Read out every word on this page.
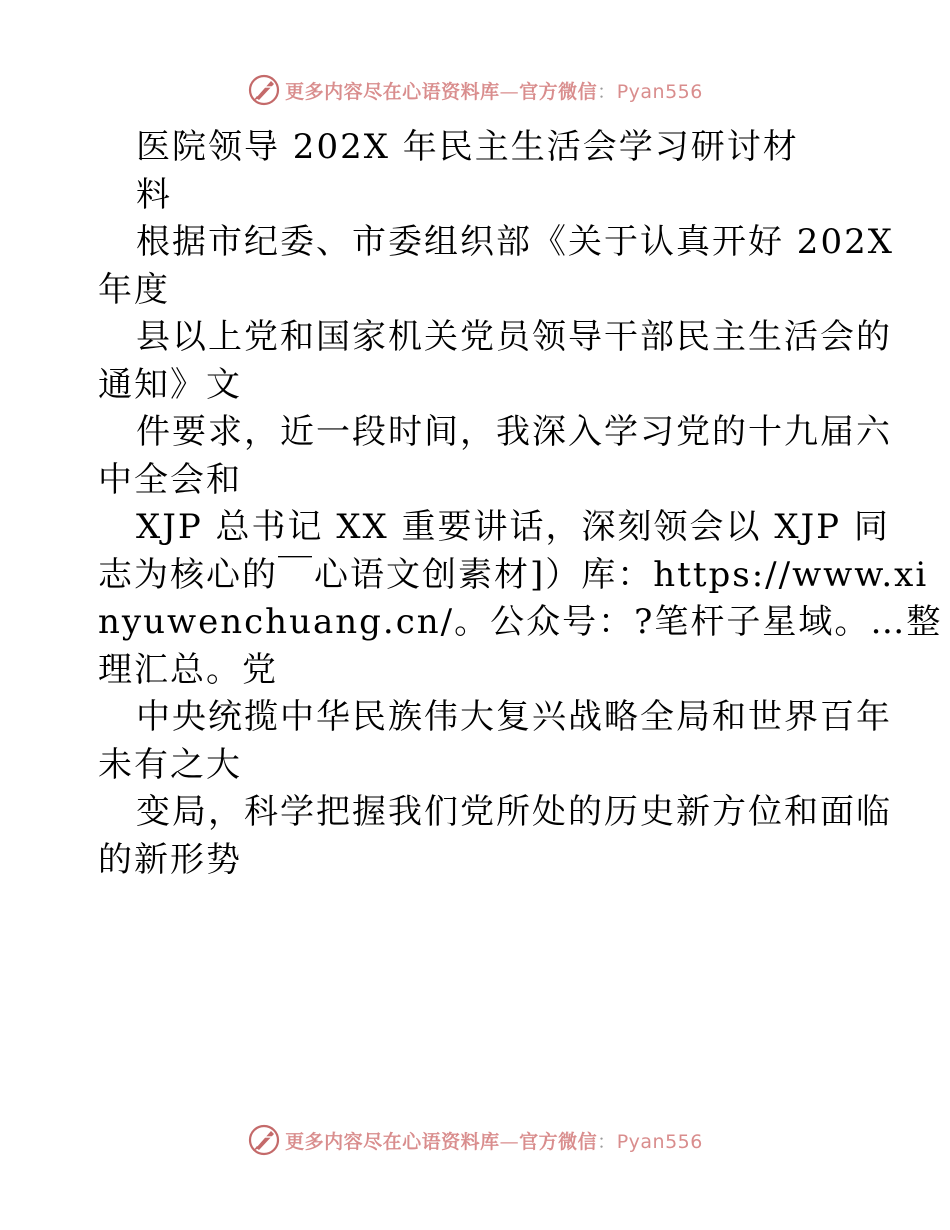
更多内容尽在心语资料库—官方微信：Pyan556

医院领导 202X 年民主生活会学习研讨材

料

根据市纪委、市委组织部《关于认真开好 202X

年度

县以上党和国家机关党员领导干部民主生活会的

通知》文

件要求，近一段时间，我深入学习党的十九届六

中全会和

XJP 总书记 XX 重要讲话，深刻领会以 XJP 同

志为核心的￣心语文创素材]）库：https://www.xi

nyuwenchuang.cn/。公众号：?笔杆子星域。…整

理汇总。党

中央统揽中华民族伟大复兴战略全局和世界百年

未有之大

变局，科学把握我们党所处的历史新方位和面临

的新形势

更多内容尽在心语资料库—官方微信：Pyan556
